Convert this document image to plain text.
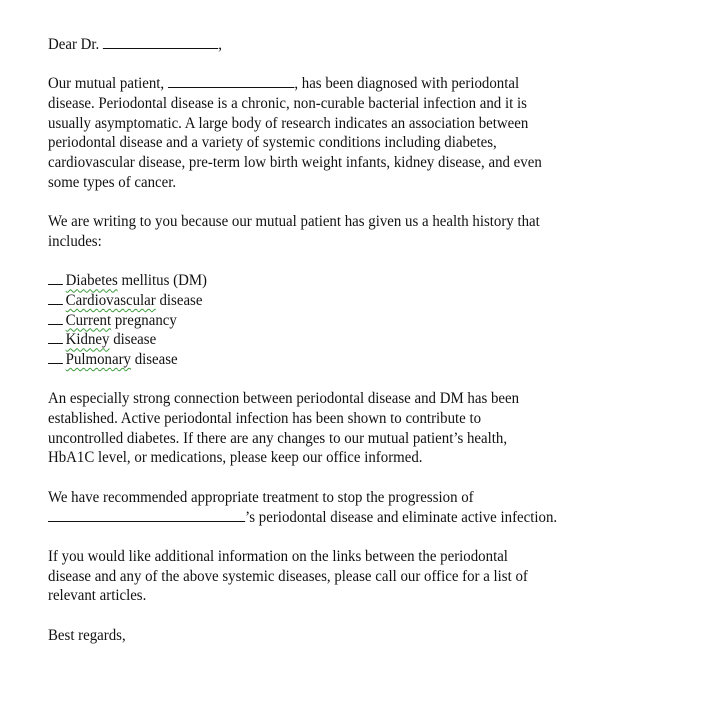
Dear Dr.	,
Our mutual patient,	, has been diagnosed with periodontal
disease. Periodontal disease is a chronic, non-curable bacterial infection and it is
usually asymptomatic. A large body of research indicates an association between
periodontal disease and a variety of systemic conditions including diabetes,
cardiovascular disease, pre-term low birth weight infants, kidney disease, and even
some types of cancer.
We are writing to you because our mutual patient has given us a health history that
includes:
Diabetes mellitus (DM)
Cardiovascular disease
Current pregnancy
Kidney disease
Pulmonary disease
An especially strong connection between periodontal disease and DM has been
established. Active periodontal infection has been shown to contribute to
uncontrolled diabetes. If there are any changes to our mutual patient’s health,
HbA1C level, or medications, please keep our office informed.
We have recommended appropriate treatment to stop the progression of
’s periodontal disease and eliminate active infection.
If you would like additional information on the links between the periodontal
disease and any of the above systemic diseases, please call our office for a list of
relevant articles.
Best regards,
